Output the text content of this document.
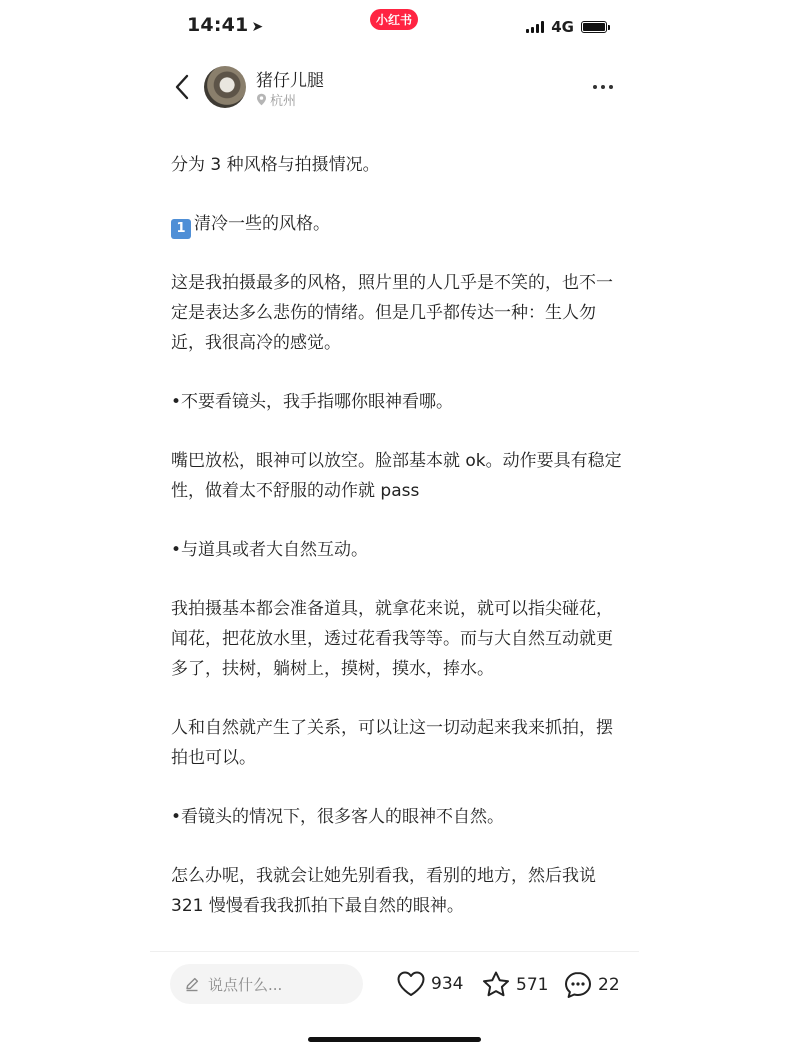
14:41 ➤	小红书	4G
猪仔儿腿
杭州

分为 3 种风格与拍摄情况。

1 清冷一些的风格。

这是我拍摄最多的风格，照片里的人几乎是不笑的，也不一定是表达多么悲伤的情绪。但是几乎都传达一种：生人勿近，我很高冷的感觉。

•不要看镜头，我手指哪你眼神看哪。

嘴巴放松，眼神可以放空。脸部基本就 ok。动作要具有稳定性，做着太不舒服的动作就 pass

•与道具或者大自然互动。

我拍摄基本都会准备道具，就拿花来说，就可以指尖碰花，闻花，把花放水里，透过花看我等等。而与大自然互动就更多了，扶树，躺树上，摸树，摸水，捧水。

人和自然就产生了关系，可以让这一切动起来我来抓拍，摆拍也可以。

•看镜头的情况下，很多客人的眼神不自然。

怎么办呢，我就会让她先别看我，看别的地方，然后我说 321 慢慢看我我抓拍下最自然的眼神。

说点什么...	934	571	22
